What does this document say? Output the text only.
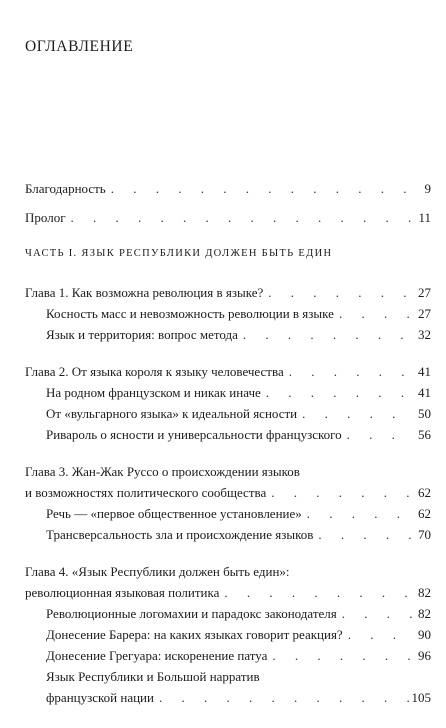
ОГЛАВЛЕНИЕ
Благодарность . . .	9
Пролог . . .	11
ЧАСТЬ I. ЯЗЫК РЕСПУБЛИКИ ДОЛЖЕН БЫТЬ ЕДИН
Глава 1. Как возможна революция в языке? . . .	27
Косность масс и невозможность революции в языке . . .	27
Язык и территория: вопрос метода . . .	32
Глава 2. От языка короля к языку человечества . . .	41
На родном французском и никак иначе . . .	41
От «вульгарного языка» к идеальной ясности . . .	50
Ривароль о ясности и универсальности французского . . .	56
Глава 3. Жан-Жак Руссо о происхождении языков
и возможностях политического сообщества . . .	62
Речь — «первое общественное установление» . . .	62
Трансверсальность зла и происхождение языков . . .	70
Глава 4. «Язык Республики должен быть един»:
революционная языковая политика . . .	82
Революционные логомахии и парадокс законодателя . . .	82
Донесение Барера: на каких языках говорит реакция? . . .	90
Донесение Грегуара: искоренение патуа . . .	96
Язык Республики и Большой нарратив
французской нации . . .	105
